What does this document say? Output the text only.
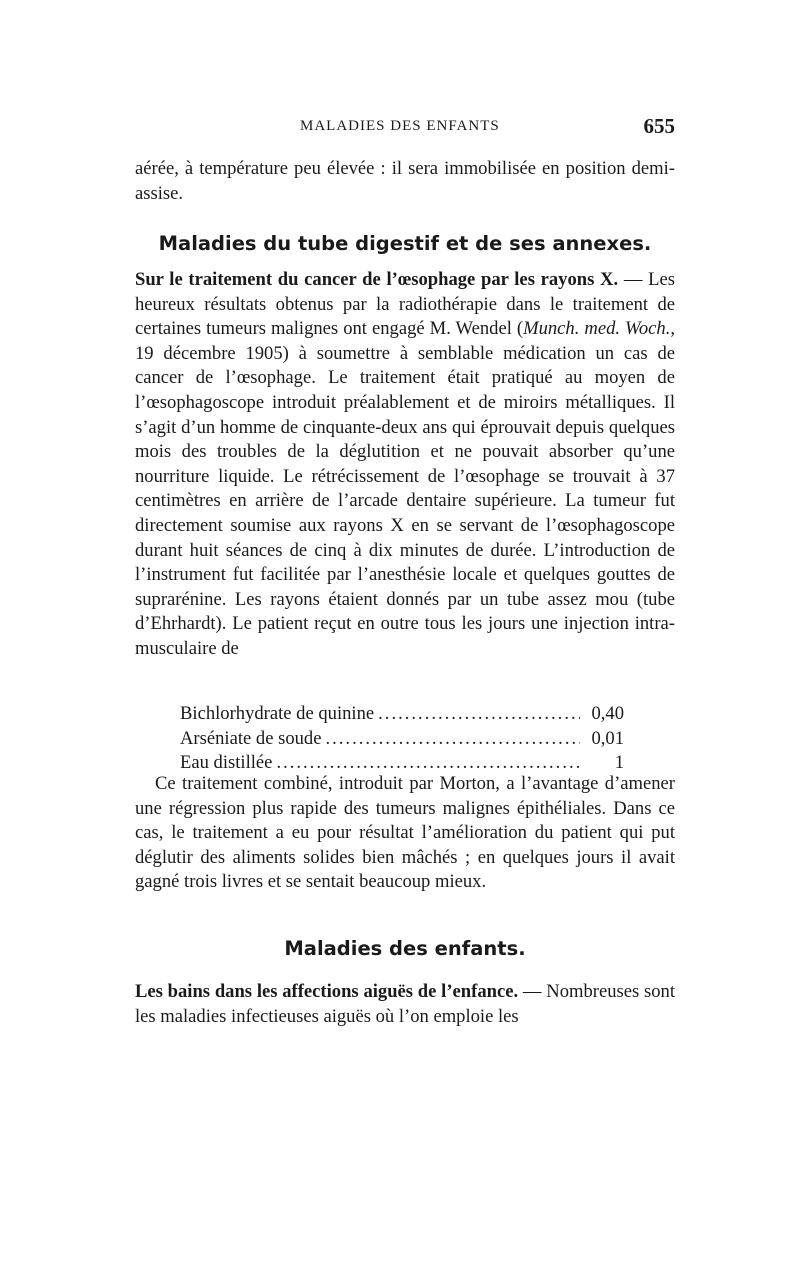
MALADIES DES ENFANTS	655

aérée, à température peu élevée : il sera immobilisée en position demi-assise.

Maladies du tube digestif et de ses annexes.

Sur le traitement du cancer de l’œsophage par les rayons X. — Les heureux résultats obtenus par la radiothérapie dans le traitement de certaines tumeurs malignes ont engagé M. Wendel (Munch. med. Woch., 19 décembre 1905) à soumettre à semblable médication un cas de cancer de l’œsophage. Le traitement était pratiqué au moyen de l’œsophagoscope introduit préalablement et de miroirs métalliques. Il s’agit d’un homme de cinquante-deux ans qui éprouvait depuis quelques mois des troubles de la déglutition et ne pouvait absorber qu’une nourriture liquide. Le rétrécissement de l’œsophage se trouvait à 37 centimètres en arrière de l’arcade dentaire supérieure. La tumeur fut directement soumise aux rayons X en se servant de l’œsophagoscope durant huit séances de cinq à dix minutes de durée. L’introduction de l’instrument fut facilitée par l’anesthésie locale et quelques gouttes de suprarénine. Les rayons étaient donnés par un tube assez mou (tube d’Ehrhardt). Le patient reçut en outre tous les jours une injection intra-musculaire de

Bichlorhydrate de quinine .....	0,40
Arséniate de soude .....	0,01
Eau distillée .....	1

Ce traitement combiné, introduit par Morton, a l’avantage d’amener une régression plus rapide des tumeurs malignes épithéliales. Dans ce cas, le traitement a eu pour résultat l’amélioration du patient qui put déglutir des aliments solides bien mâchés ; en quelques jours il avait gagné trois livres et se sentait beaucoup mieux.

Maladies des enfants.

Les bains dans les affections aiguës de l’enfance. — Nombreuses sont les maladies infectieuses aiguës où l’on emploie les
